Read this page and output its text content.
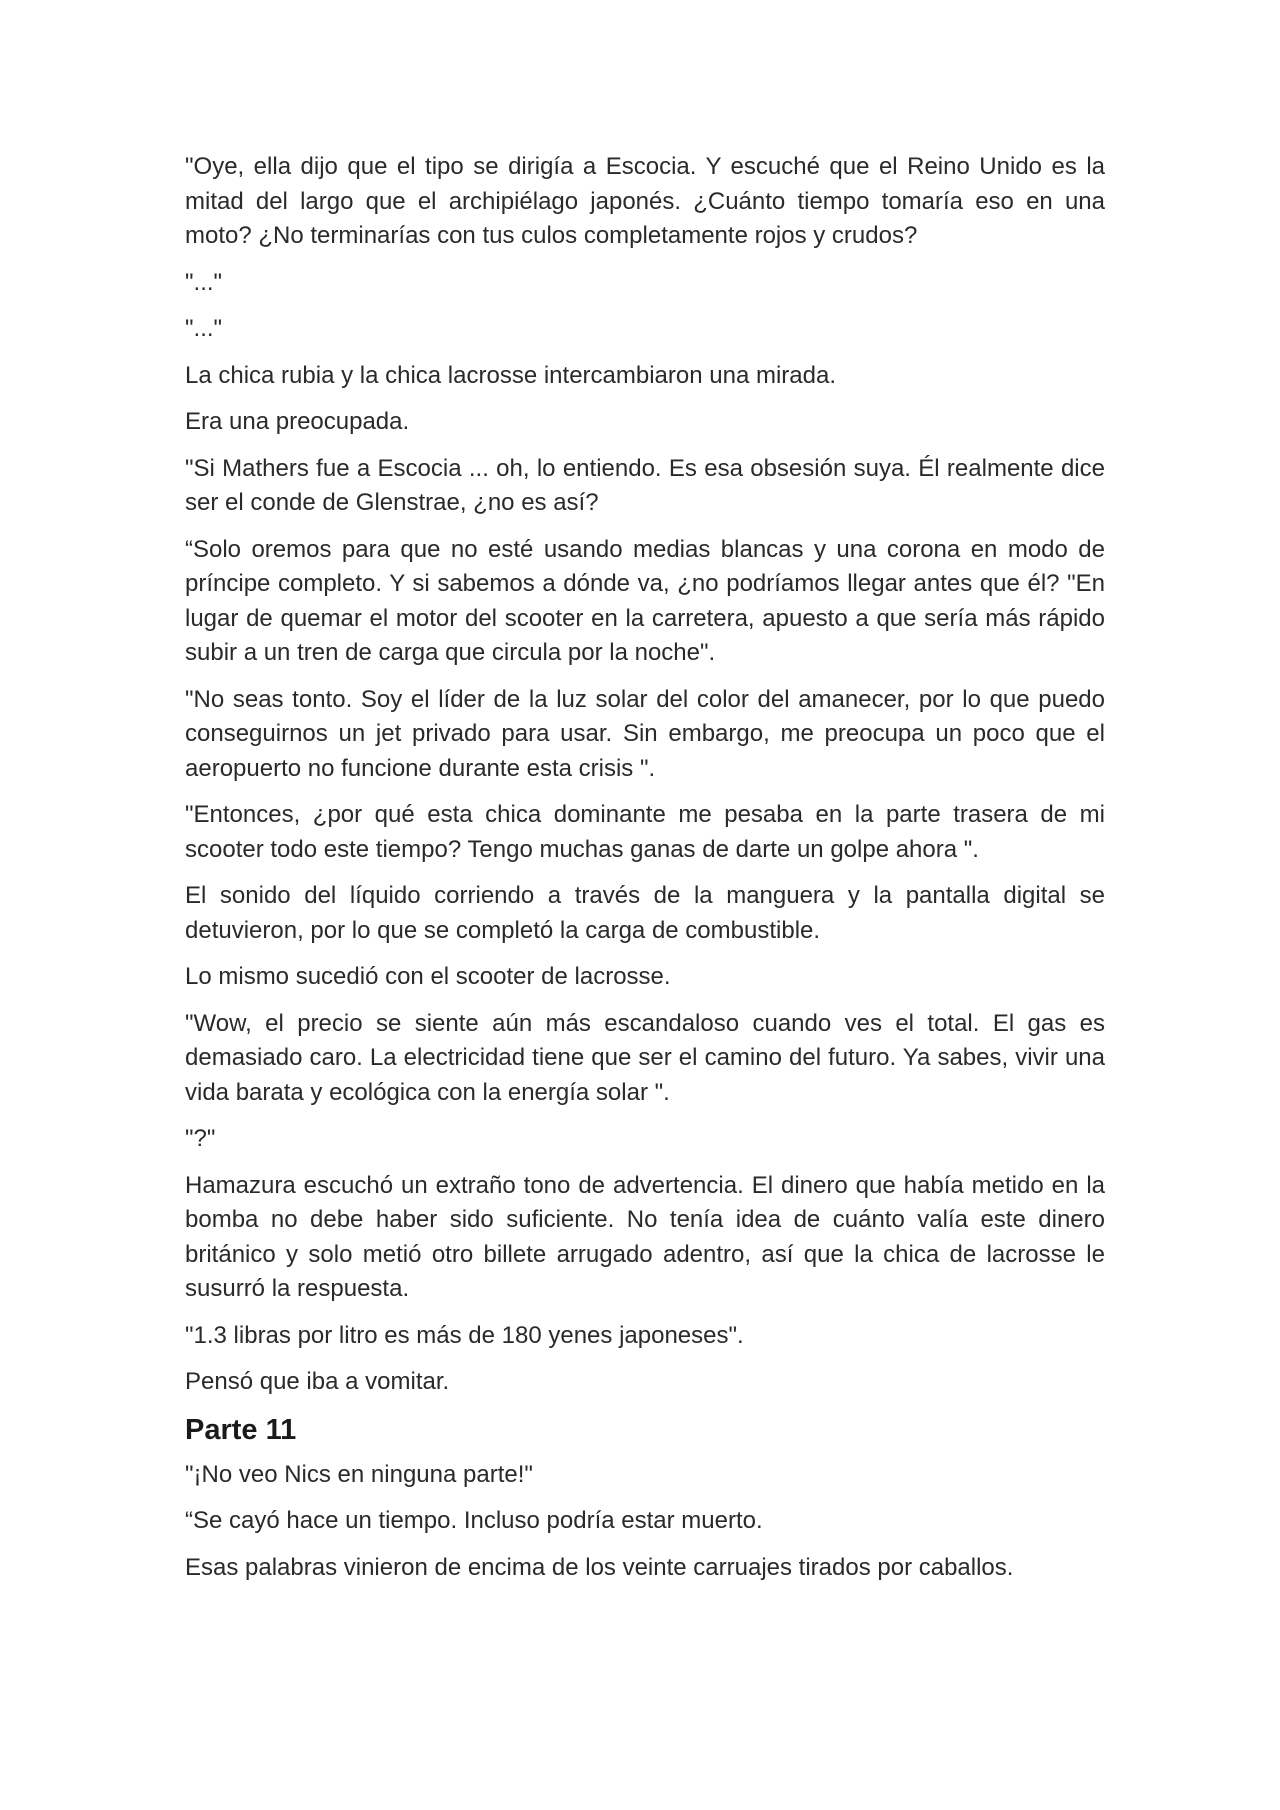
"Oye, ella dijo que el tipo se dirigía a Escocia. Y escuché que el Reino Unido es la mitad del largo que el archipiélago japonés. ¿Cuánto tiempo tomaría eso en una moto? ¿No terminarías con tus culos completamente rojos y crudos?

"..."

"..."

La chica rubia y la chica lacrosse intercambiaron una mirada.

Era una preocupada.

"Si Mathers fue a Escocia ... oh, lo entiendo. Es esa obsesión suya. Él realmente dice ser el conde de Glenstrae, ¿no es así?

“Solo oremos para que no esté usando medias blancas y una corona en modo de príncipe completo. Y si sabemos a dónde va, ¿no podríamos llegar antes que él? "En lugar de quemar el motor del scooter en la carretera, apuesto a que sería más rápido subir a un tren de carga que circula por la noche".

"No seas tonto. Soy el líder de la luz solar del color del amanecer, por lo que puedo conseguirnos un jet privado para usar. Sin embargo, me preocupa un poco que el aeropuerto no funcione durante esta crisis ".

"Entonces, ¿por qué esta chica dominante me pesaba en la parte trasera de mi scooter todo este tiempo? Tengo muchas ganas de darte un golpe ahora ".

El sonido del líquido corriendo a través de la manguera y la pantalla digital se detuvieron, por lo que se completó la carga de combustible.

Lo mismo sucedió con el scooter de lacrosse.

"Wow, el precio se siente aún más escandaloso cuando ves el total. El gas es demasiado caro. La electricidad tiene que ser el camino del futuro. Ya sabes, vivir una vida barata y ecológica con la energía solar ".

"?"

Hamazura escuchó un extraño tono de advertencia. El dinero que había metido en la bomba no debe haber sido suficiente. No tenía idea de cuánto valía este dinero británico y solo metió otro billete arrugado adentro, así que la chica de lacrosse le susurró la respuesta.

"1.3 libras por litro es más de 180 yenes japoneses".

Pensó que iba a vomitar.

Parte 11

"¡No veo Nics en ninguna parte!"

“Se cayó hace un tiempo. Incluso podría estar muerto.

Esas palabras vinieron de encima de los veinte carruajes tirados por caballos.
